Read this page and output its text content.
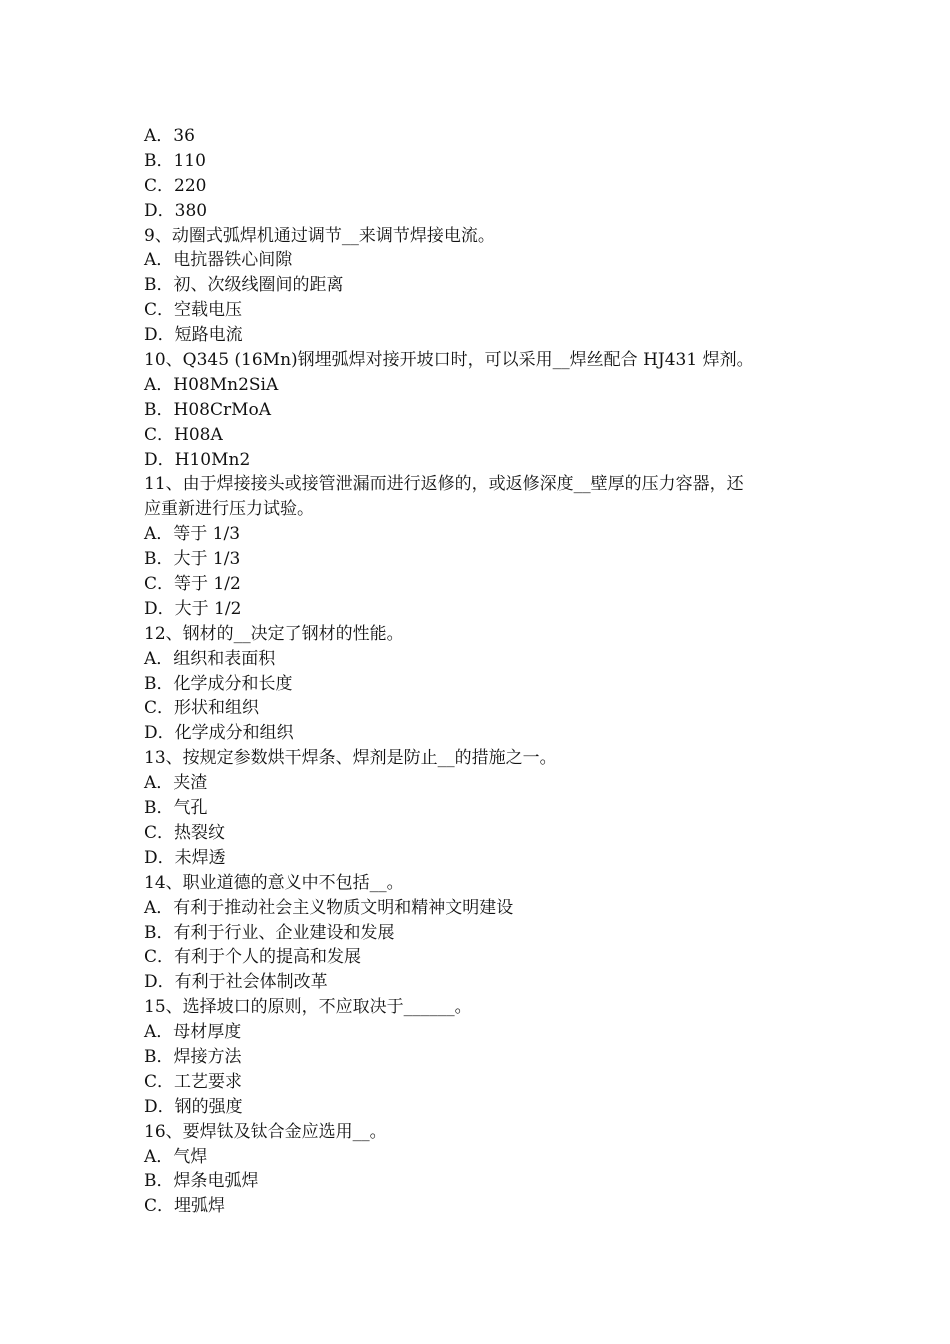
A．36
B．110
C．220
D．380
9、动圈式弧焊机通过调节__来调节焊接电流。
A．电抗器铁心间隙
B．初、次级线圈间的距离
C．空载电压
D．短路电流
10、Q345 (16Mn)钢埋弧焊对接开坡口时，可以采用__焊丝配合 HJ431 焊剂。
A．H08Mn2SiA
B．H08CrMoA
C．H08A
D．H10Mn2
11、由于焊接接头或接管泄漏而进行返修的，或返修深度__壁厚的压力容器，还
应重新进行压力试验。
A．等于 1/3
B．大于 1/3
C．等于 1/2
D．大于 1/2
12、钢材的__决定了钢材的性能。
A．组织和表面积
B．化学成分和长度
C．形状和组织
D．化学成分和组织
13、按规定参数烘干焊条、焊剂是防止__的措施之一。
A．夹渣
B．气孔
C．热裂纹
D．未焊透
14、职业道德的意义中不包括__。
A．有利于推动社会主义物质文明和精神文明建设
B．有利于行业、企业建设和发展
C．有利于个人的提高和发展
D．有利于社会体制改革
15、选择坡口的原则，不应取决于______。
A．母材厚度
B．焊接方法
C．工艺要求
D．钢的强度
16、要焊钛及钛合金应选用__。
A．气焊
B．焊条电弧焊
C．埋弧焊
